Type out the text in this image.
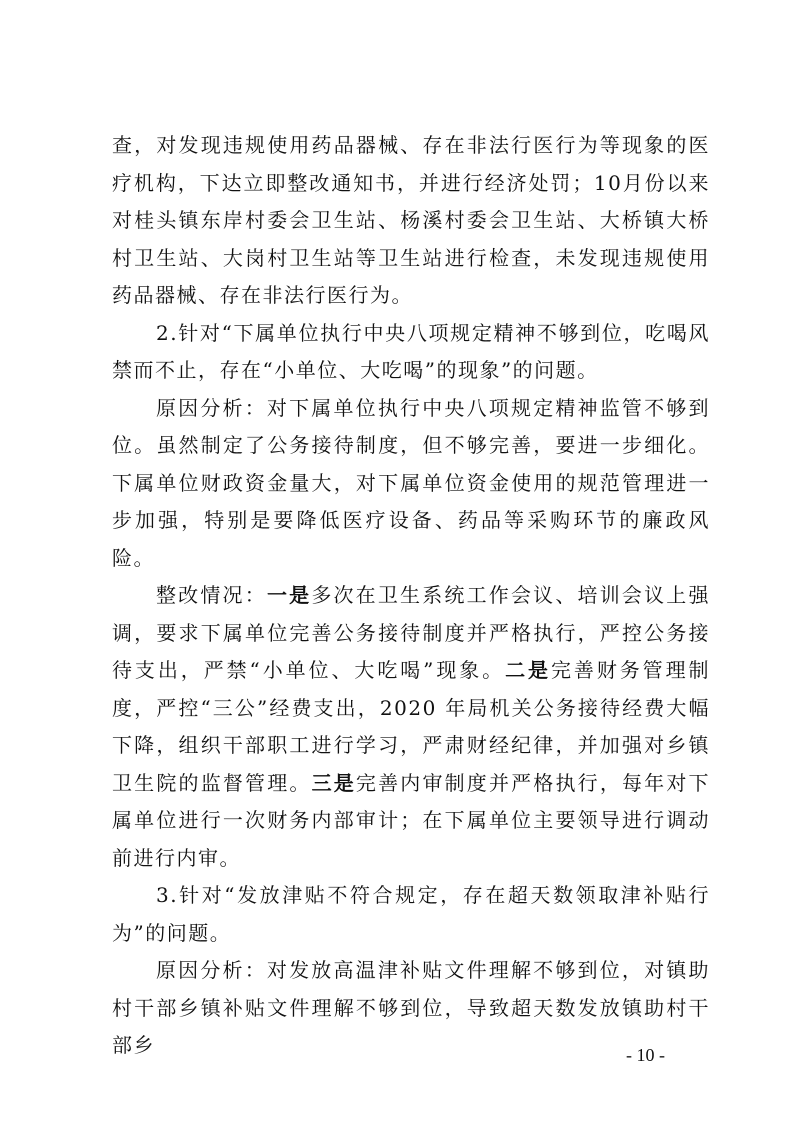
查，对发现违规使用药品器械、存在非法行医行为等现象的医疗机构，下达立即整改通知书，并进行经济处罚；10月份以来对桂头镇东岸村委会卫生站、杨溪村委会卫生站、大桥镇大桥村卫生站、大岗村卫生站等卫生站进行检查，未发现违规使用药品器械、存在非法行医行为。

2.针对“下属单位执行中央八项规定精神不够到位，吃喝风禁而不止，存在“小单位、大吃喝”的现象”的问题。

原因分析：对下属单位执行中央八项规定精神监管不够到位。虽然制定了公务接待制度，但不够完善，要进一步细化。下属单位财政资金量大，对下属单位资金使用的规范管理进一步加强，特别是要降低医疗设备、药品等采购环节的廉政风险。

整改情况：一是多次在卫生系统工作会议、培训会议上强调，要求下属单位完善公务接待制度并严格执行，严控公务接待支出，严禁“小单位、大吃喝”现象。二是完善财务管理制度，严控“三公”经费支出，2020 年局机关公务接待经费大幅下降，组织干部职工进行学习，严肃财经纪律，并加强对乡镇卫生院的监督管理。三是完善内审制度并严格执行，每年对下属单位进行一次财务内部审计；在下属单位主要领导进行调动前进行内审。

3.针对“发放津贴不符合规定，存在超天数领取津补贴行为”的问题。

原因分析：对发放高温津补贴文件理解不够到位，对镇助村干部乡镇补贴文件理解不够到位，导致超天数发放镇助村干部乡	- 10 -
